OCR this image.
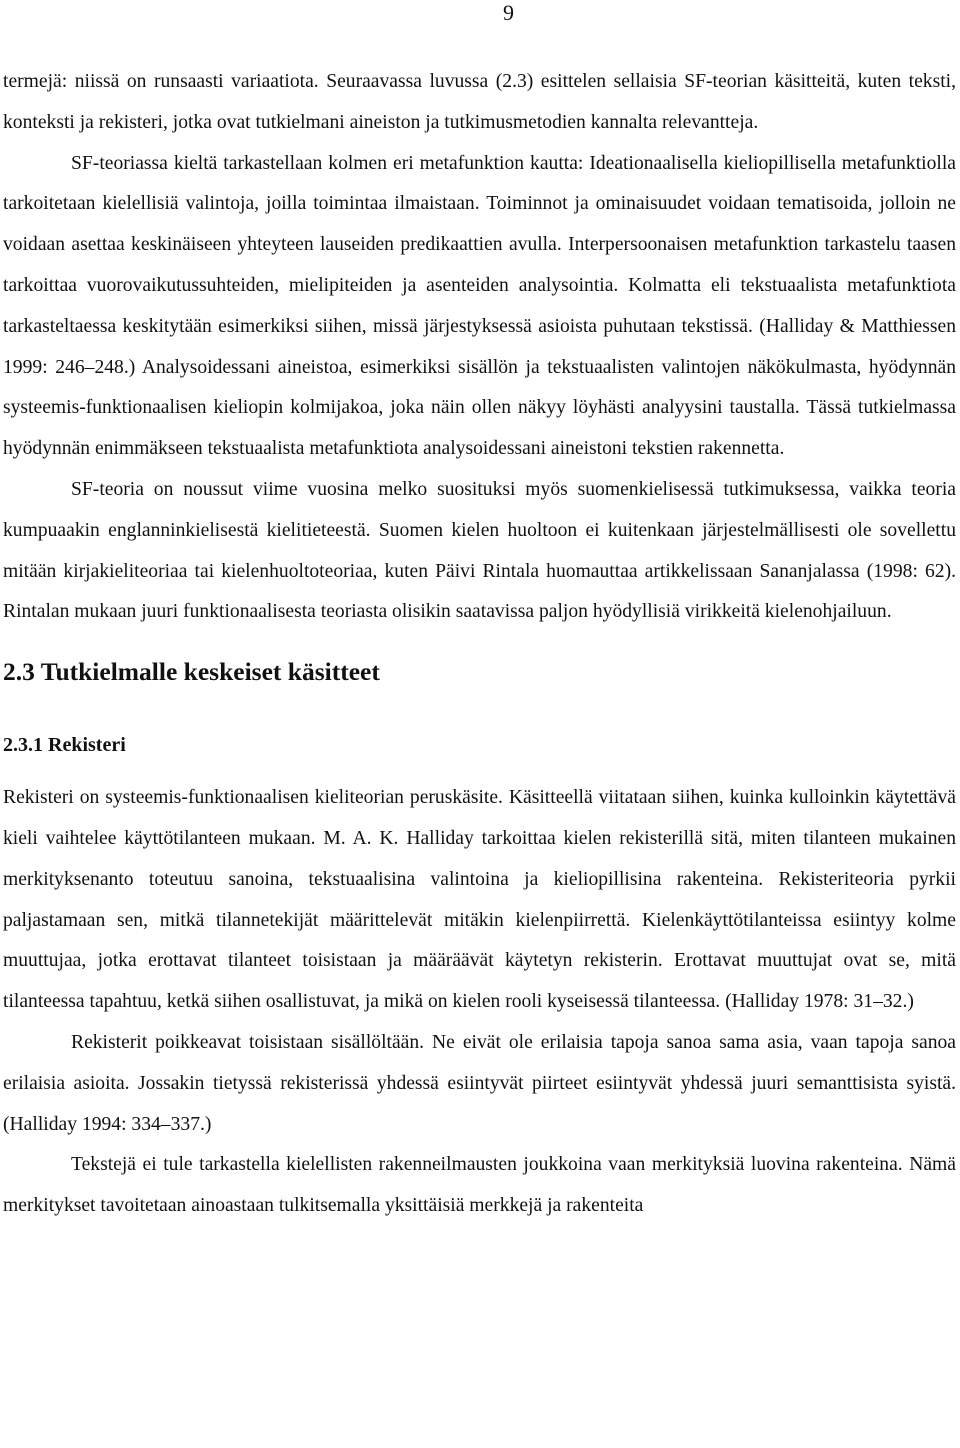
9

termejä: niissä on runsaasti variaatiota. Seuraavassa luvussa (2.3) esittelen sellaisia SF-teorian käsitteitä, kuten teksti, konteksti ja rekisteri, jotka ovat tutkielmani aineiston ja tutkimusmetodien kannalta relevantteja.

SF-teoriassa kieltä tarkastellaan kolmen eri metafunktion kautta: Ideationaalisella kieliopillisella metafunktiolla tarkoitetaan kielellisiä valintoja, joilla toimintaa ilmaistaan. Toiminnot ja ominaisuudet voidaan tematisoida, jolloin ne voidaan asettaa keskinäiseen yhteyteen lauseiden predikaattien avulla. Interpersoonaisen metafunktion tarkastelu taasen tarkoittaa vuorovaikutussuhteiden, mielipiteiden ja asenteiden analysointia. Kolmatta eli tekstuaalista metafunktiota tarkasteltaessa keskitytään esimerkiksi siihen, missä järjestyksessä asioista puhutaan tekstissä. (Halliday & Matthiessen 1999: 246–248.) Analysoidessani aineistoa, esimerkiksi sisällön ja tekstuaalisten valintojen näkökulmasta, hyödynnän systeemis-funktionaalisen kieliopin kolmijakoa, joka näin ollen näkyy löyhästi analyysini taustalla. Tässä tutkielmassa hyödynnän enimmäkseen tekstuaalista metafunktiota analysoidessani aineistoni tekstien rakennetta.

SF-teoria on noussut viime vuosina melko suosituksi myös suomenkielisessä tutkimuksessa, vaikka teoria kumpuaakin englanninkielisestä kielitieteestä. Suomen kielen huoltoon ei kuitenkaan järjestelmällisesti ole sovellettu mitään kirjakieliteoriaa tai kielenhuoltoteoriaa, kuten Päivi Rintala huomauttaa artikkelissaan Sananjalassa (1998: 62). Rintalan mukaan juuri funktionaalisesta teoriasta olisikin saatavissa paljon hyödyllisiä virikkeitä kielenohjailuun.

2.3 Tutkielmalle keskeiset käsitteet
2.3.1 Rekisteri

Rekisteri on systeemis-funktionaalisen kieliteorian peruskäsite. Käsitteellä viitataan siihen, kuinka kulloinkin käytettävä kieli vaihtelee käyttötilanteen mukaan. M. A. K. Halliday tarkoittaa kielen rekisterillä sitä, miten tilanteen mukainen merkityksenanto toteutuu sanoina, tekstuaalisina valintoina ja kieliopillisina rakenteina. Rekisteriteoria pyrkii paljastamaan sen, mitkä tilannetekijät määrittelevät mitäkin kielenpiirrettä. Kielenkäyttötilanteissa esiintyy kolme muuttujaa, jotka erottavat tilanteet toisistaan ja määräävät käytetyn rekisterin. Erottavat muuttujat ovat se, mitä tilanteessa tapahtuu, ketkä siihen osallistuvat, ja mikä on kielen rooli kyseisessä tilanteessa. (Halliday 1978: 31–32.)

Rekisterit poikkeavat toisistaan sisällöltään. Ne eivät ole erilaisia tapoja sanoa sama asia, vaan tapoja sanoa erilaisia asioita. Jossakin tietyssä rekisterissä yhdessä esiintyvät piirteet esiintyvät yhdessä juuri semanttisista syistä. (Halliday 1994: 334–337.)

Tekstejä ei tule tarkastella kielellisten rakenneilmausten joukkoina vaan merkityksiä luovina rakenteina. Nämä merkitykset tavoitetaan ainoastaan tulkitsemalla yksittäisiä merkkejä ja rakenteita
